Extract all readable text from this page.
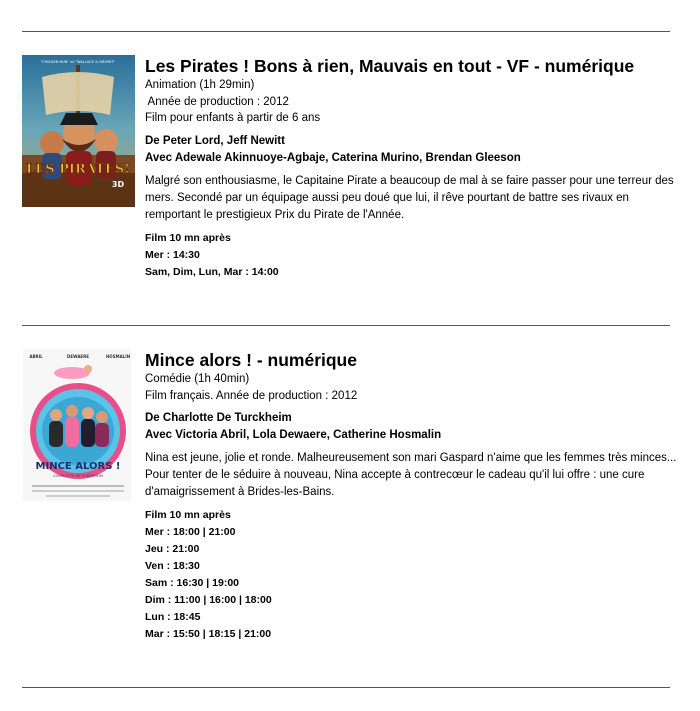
LES PIRATES!
3D
“CHICKEN RUN” et “WALLACE & GROMIT” Les Pirates ! Bons à rien, Mauvais en tout - VF - numérique
Animation (1h 29min)
Année de production : 2012
Film pour enfants à partir de 6 ans
De Peter Lord, Jeff Newitt
Avec Adewale Akinnuoye-Agbaje, Caterina Murino, Brendan Gleeson
Malgré son enthousiasme, le Capitaine Pirate a beaucoup de mal à se faire passer pour une terreur des mers. Secondé par un équipage aussi peu doué que lui, il rêve pourtant de battre ses rivaux en remportant le prestigieux Prix du Pirate de l'Année.
Film 10 mn après
Mer : 14:30
Sam, Dim, Lun, Mar : 14:00
ABRIL	DEWAERE	HOSMALIN
MINCE ALORS !
CHARLOTTE DE TURCKHEIM
Mince alors ! - numérique
Comédie (1h 40min)
Film français. Année de production : 2012
De Charlotte De Turckheim
Avec Victoria Abril, Lola Dewaere, Catherine Hosmalin
Nina est jeune, jolie et ronde. Malheureusement son mari Gaspard n'aime que les femmes très minces... Pour tenter de le séduire à nouveau, Nina accepte à contrecœur le cadeau qu'il lui offre : une cure d'amaigrissement à Brides-les-Bains.
Film 10 mn après
Mer : 18:00 | 21:00
Jeu : 21:00
Ven : 18:30
Sam : 16:30 | 19:00
Dim : 11:00 | 16:00 | 18:00
Lun : 18:45
Mar : 15:50 | 18:15 | 21:00
